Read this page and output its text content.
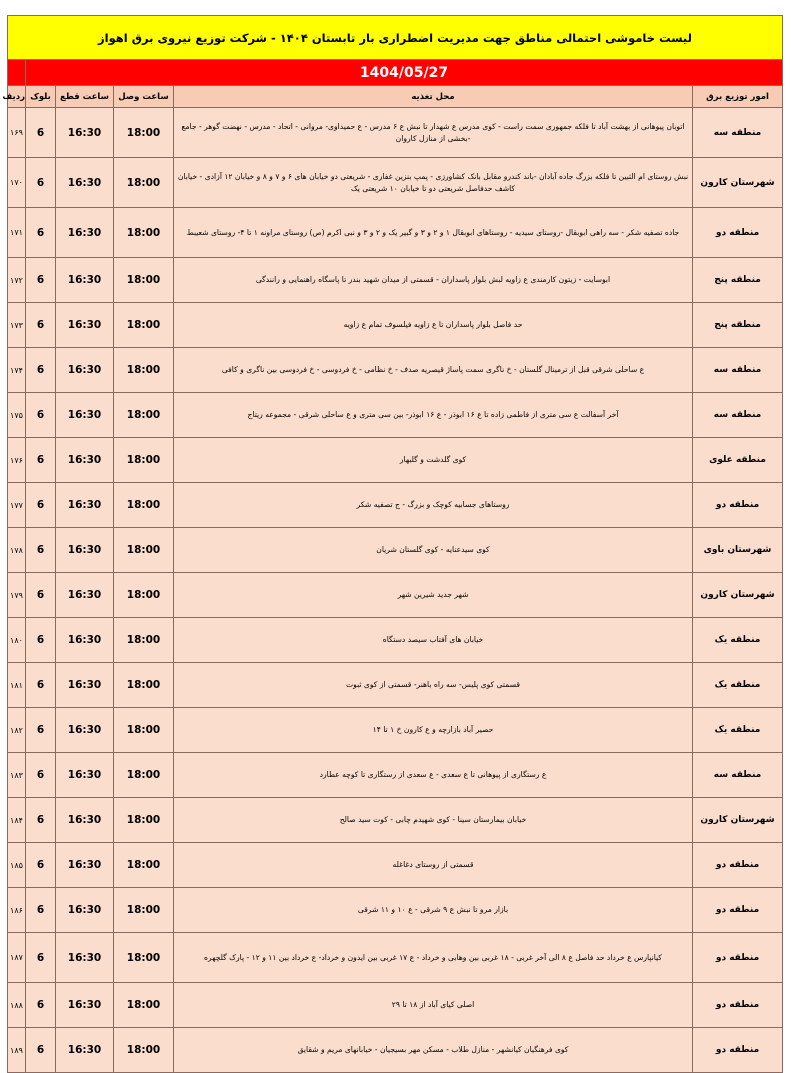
لیست خاموشی احتمالی مناطق جهت مدیریت اضطراری بار تابستان ۱۴۰۴ - شرکت توزیع نیروی برق اهواز					
1404/05/27					
امور توزیع برق	محل تغذیه	ساعت وصل	ساعت قطع	بلوک	ردیف
منطقه سه	اتوبان پیوهانی از بهشت آباد تا فلکه جمهوری سمت راست - کوی مدرس ع شهدار تا نبش ع ۶ مدرس - ع حمیداوی- مروانی - اتحاد - مدرس - نهضت گوهر - جامع -بخشی از منازل کاروان	18:00	16:30	6	۱۶۹
شهرستان کارون	نبش روستای ام الثبین تا فلکه بزرگ جاده آبادان -باند کندرو مقابل بانک کشاورزی - پمپ بنزین غفاری - شریعتی دو خیابان های ۶ و ۷ و ۸ و خیابان ۱۲ آزادی - خیابان کاشف حدفاصل شریعتی دو تا خیابان ۱۰ شریعتی یک	18:00	16:30	6	۱۷۰
منطقه دو	جاده تصفیه شکر - سه راهی ابوبقال -روستای سیدیه - روستاهای ابوبقال ۱ و ۲ و ۳ و گبیر یک و ۲ و ۳ و نبی اکرم (ص) روستای مراونه ۱ تا ۴- روستای شعیبط	18:00	16:30	6	۱۷۱
منطقه پنج	ابوسایت - زیتون کارمندی ع زاویه لبش بلوار پاسداران - قسمتی از میدان شهید بندر تا پاسگاه راهنمایی و رانندگی	18:00	16:30	6	۱۷۲
منطقه پنج	حد فاصل بلوار پاسداران تا ع زاویه فیلسوف تمام ع زاویه	18:00	16:30	6	۱۷۳
منطقه سه	ع ساحلی شرقی قبل از ترمینال گلستان - خ ناگری سمت پاساژ قیصریه صدف - خ نظامی - خ فردوسی - خ فردوسی بین ناگری و کافی	18:00	16:30	6	۱۷۴
منطقه سه	آخر آسفالت ع سی متری از فاطمی زاده تا ع ۱۶ ابوذر - ع ۱۶ ابوذر- بین سی متری و ع ساحلی شرقی - مجموعه ریتاج	18:00	16:30	6	۱۷۵
منطقه علوی	کوی گلدشت و گلبهار	18:00	16:30	6	۱۷۶
منطقه دو	روستاهای جسابیه کوچک و بزرگ - ج تصفیه شکر	18:00	16:30	6	۱۷۷
شهرستان باوی	کوی سیدعنایه - کوی گلستان شریان	18:00	16:30	6	۱۷۸
شهرستان کارون	شهر جدید شیرین شهر	18:00	16:30	6	۱۷۹
منطقه یک	خیابان های آفتاب سیصد دستگاه	18:00	16:30	6	۱۸۰
منطقه یک	قسمتی کوی پلیس- سه راه باهنر- قسمتی از کوی ثبوت	18:00	16:30	6	۱۸۱
منطقه یک	حصیر آباد بازارچه و ع کارون خ ۱ تا ۱۴	18:00	16:30	6	۱۸۲
منطقه سه	ع رستگاری از پیوهانی تا ع سعدی - ع سعدی از رستگاری تا کوچه عطارد	18:00	16:30	6	۱۸۳
شهرستان کارون	خیابان بیمارستان سینا - کوی شهیدم چابی - کوت سید صالح	18:00	16:30	6	۱۸۴
منطقه دو	قسمتی از روستای دغاغله	18:00	16:30	6	۱۸۵
منطقه دو	بازار مرو تا نبش ع ۹ شرقی - ع ۱۰ و ۱۱ شرقی	18:00	16:30	6	۱۸۶
منطقه دو	کیانپارس ع خرداد حد فاصل ع ۸ الی آخر غربی - ۱۸ غربی بین وهابی و خرداد - ع ۱۷ غربی بین ایدون و خرداد- ع خرداد بین ۱۱ و ۱۲ - پارک گلچهره	18:00	16:30	6	۱۸۷
منطقه دو	اصلی کیای آباد از ۱۸ تا ۲۹	18:00	16:30	6	۱۸۸
منطقه دو	کوی فرهنگیان کیانشهر - منازل طلاب - مسکن مهر بسیجیان - خیابانهای مریم و شقایق	18:00	16:30	6	۱۸۹
